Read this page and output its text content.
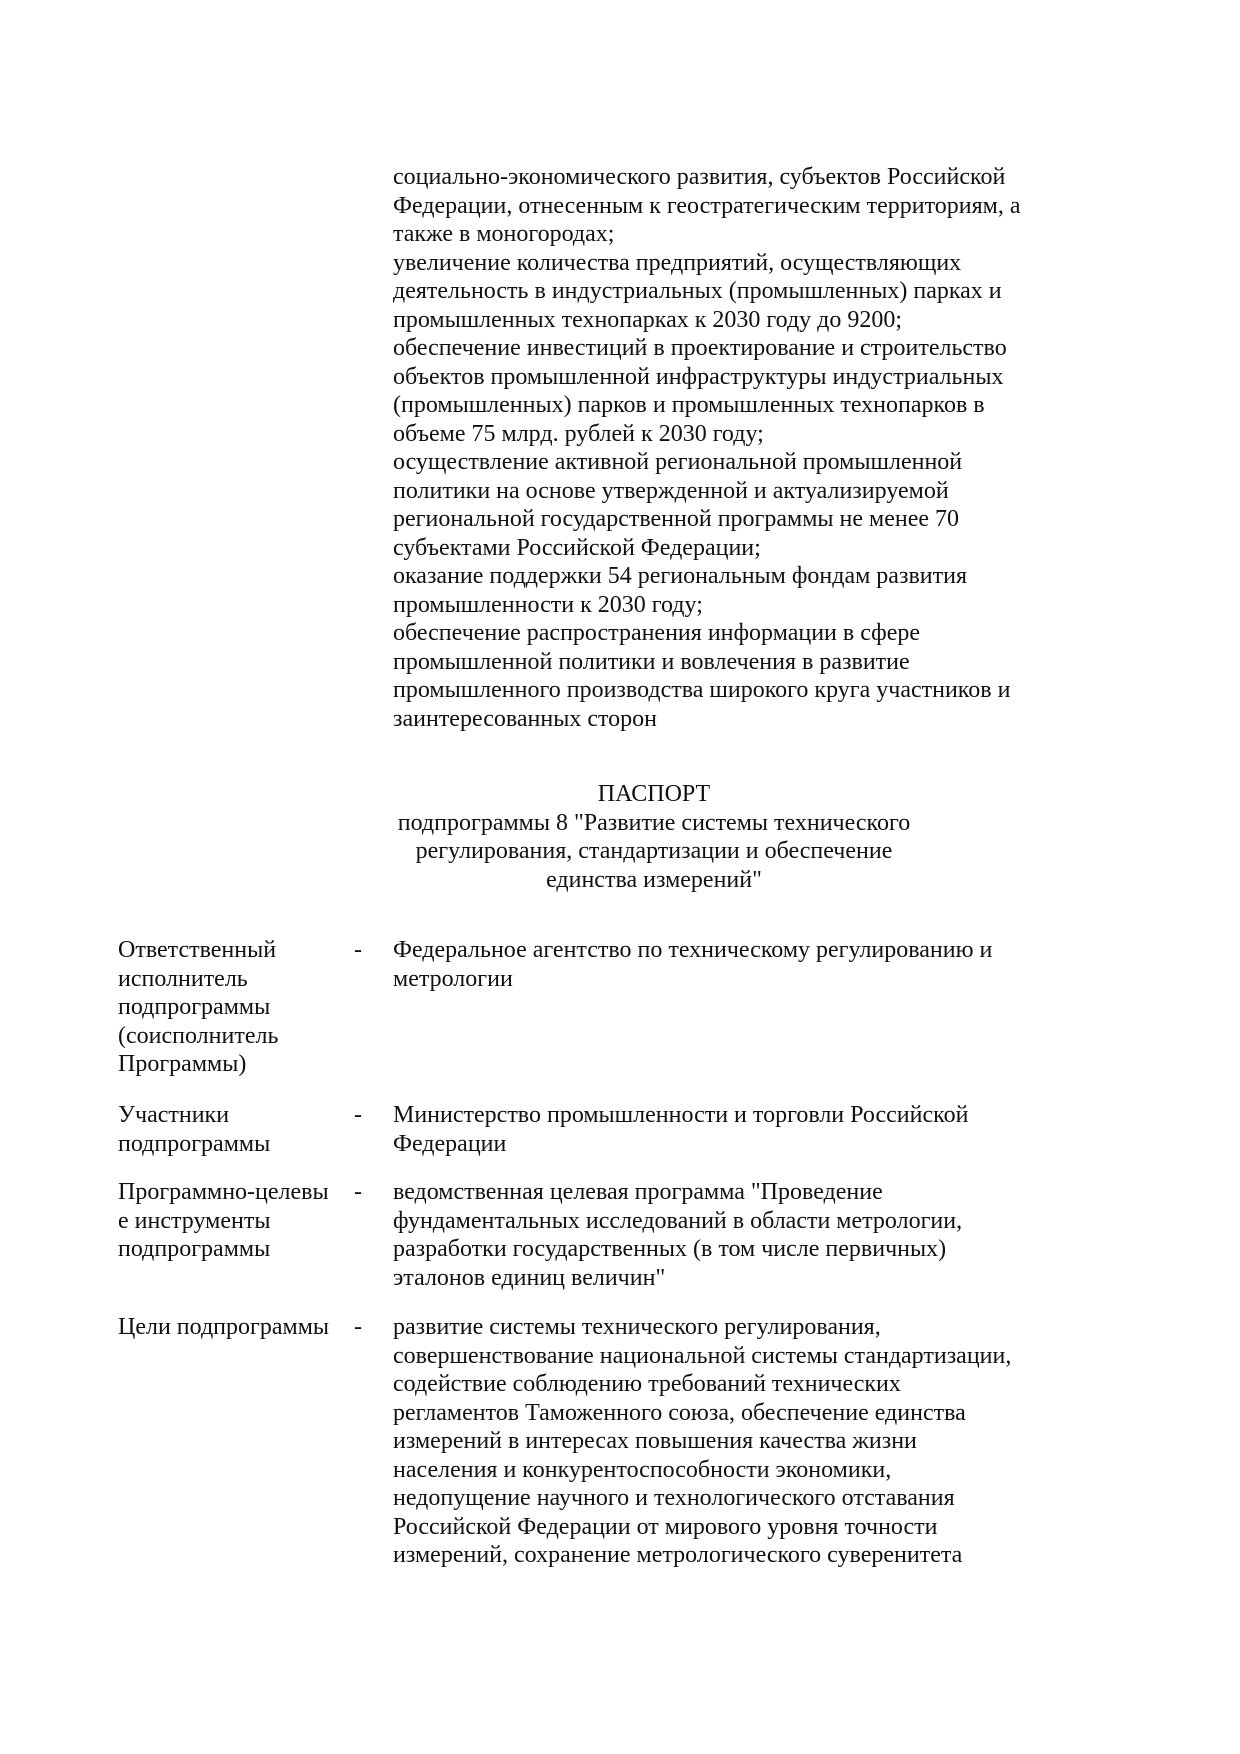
социально-экономического развития, субъектов Российской
Федерации, отнесенным к геостратегическим территориям, а
также в моногородах;
увеличение количества предприятий, осуществляющих
деятельность в индустриальных (промышленных) парках и
промышленных технопарках к 2030 году до 9200;
обеспечение инвестиций в проектирование и строительство
объектов промышленной инфраструктуры индустриальных
(промышленных) парков и промышленных технопарков в
объеме 75 млрд. рублей к 2030 году;
осуществление активной региональной промышленной
политики на основе утвержденной и актуализируемой
региональной государственной программы не менее 70
субъектами Российской Федерации;
оказание поддержки 54 региональным фондам развития
промышленности к 2030 году;
обеспечение распространения информации в сфере
промышленной политики и вовлечения в развитие
промышленного производства широкого круга участников и
заинтересованных сторон
ПАСПОРТ
подпрограммы 8 "Развитие системы технического
регулирования, стандартизации и обеспечение
единства измерений"
Ответственный
исполнитель
подпрограммы
(соисполнитель
Программы)
-	Федеральное агентство по техническому регулированию и
метрологии
Участники
подпрограммы
-	Министерство промышленности и торговли Российской
Федерации
Программно-целевы
е инструменты
подпрограммы
-	ведомственная целевая программа "Проведение
фундаментальных исследований в области метрологии,
разработки государственных (в том числе первичных)
эталонов единиц величин"
Цели подпрограммы	-	развитие системы технического регулирования,
совершенствование национальной системы стандартизации,
содействие соблюдению требований технических
регламентов Таможенного союза, обеспечение единства
измерений в интересах повышения качества жизни
населения и конкурентоспособности экономики,
недопущение научного и технологического отставания
Российской Федерации от мирового уровня точности
измерений, сохранение метрологического суверенитета
